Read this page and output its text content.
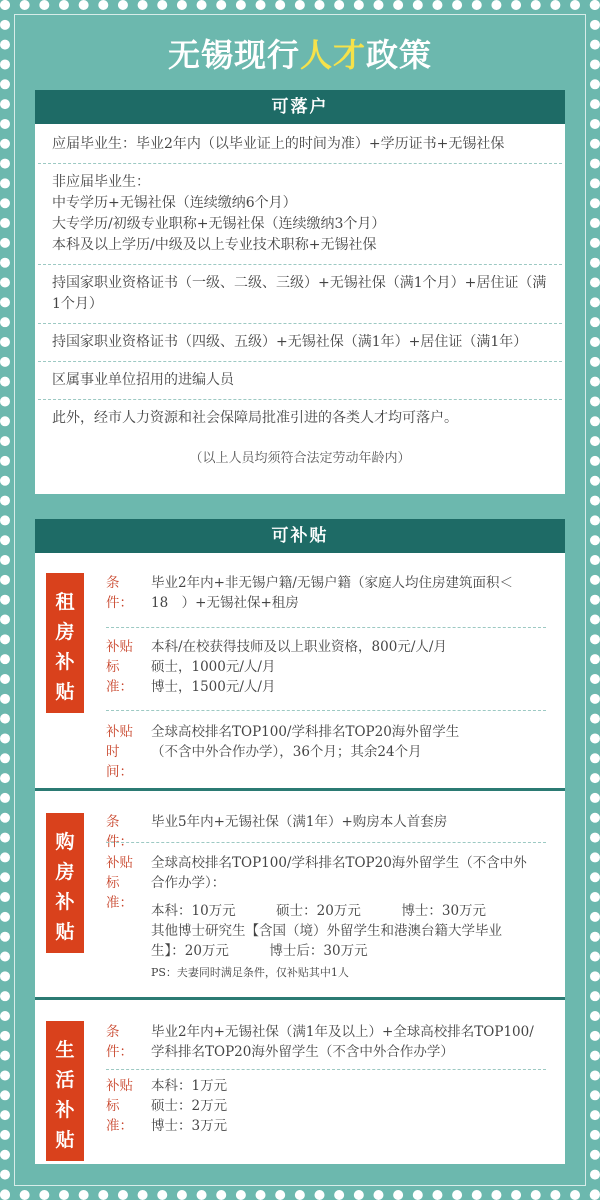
无锡现行人才政策
可落户
应届毕业生：毕业2年内（以毕业证上的时间为准）+学历证书+无锡社保
非应届毕业生：
中专学历+无锡社保（连续缴纳6个月）
大专学历/初级专业职称+无锡社保（连续缴纳3个月）
本科及以上学历/中级及以上专业技术职称+无锡社保
持国家职业资格证书（一级、二级、三级）+无锡社保（满1个月）+居住证（满1个月）
持国家职业资格证书（四级、五级）+无锡社保（满1年）+居住证（满1年）
区属事业单位招用的进编人员
此外，经市人力资源和社会保障局批准引进的各类人才均可落户。
（以上人员均须符合法定劳动年龄内）
可补贴
租
房
补
贴
条件：
毕业2年内+非无锡户籍/无锡户籍（家庭人均住房建筑面积＜
18　）+无锡社保+租房
补贴
标准：
本科/在校获得技师及以上职业资格，800元/人/月
硕士，1000元/人/月
博士，1500元/人/月
补贴
时间：
全球高校排名TOP100/学科排名TOP20海外留学生
（不含中外合作办学），36个月；其余24个月
购
房
补
贴
条件：
毕业5年内+无锡社保（满1年）+购房本人首套房
补贴
标准：
全球高校排名TOP100/学科排名TOP20海外留学生（不含中外
合作办学）：
本科：10万元　　　硕士：20万元　　　博士：30万元
其他博士研究生【含国（境）外留学生和港澳台籍大学毕业
生】：20万元　　　博士后：30万元
PS：夫妻同时满足条件，仅补贴其中1人
生
活
补
贴
条件：
毕业2年内+无锡社保（满1年及以上）+全球高校排名TOP100/
学科排名TOP20海外留学生（不含中外合作办学）
补贴
标准：
本科：1万元
硕士：2万元
博士：3万元
